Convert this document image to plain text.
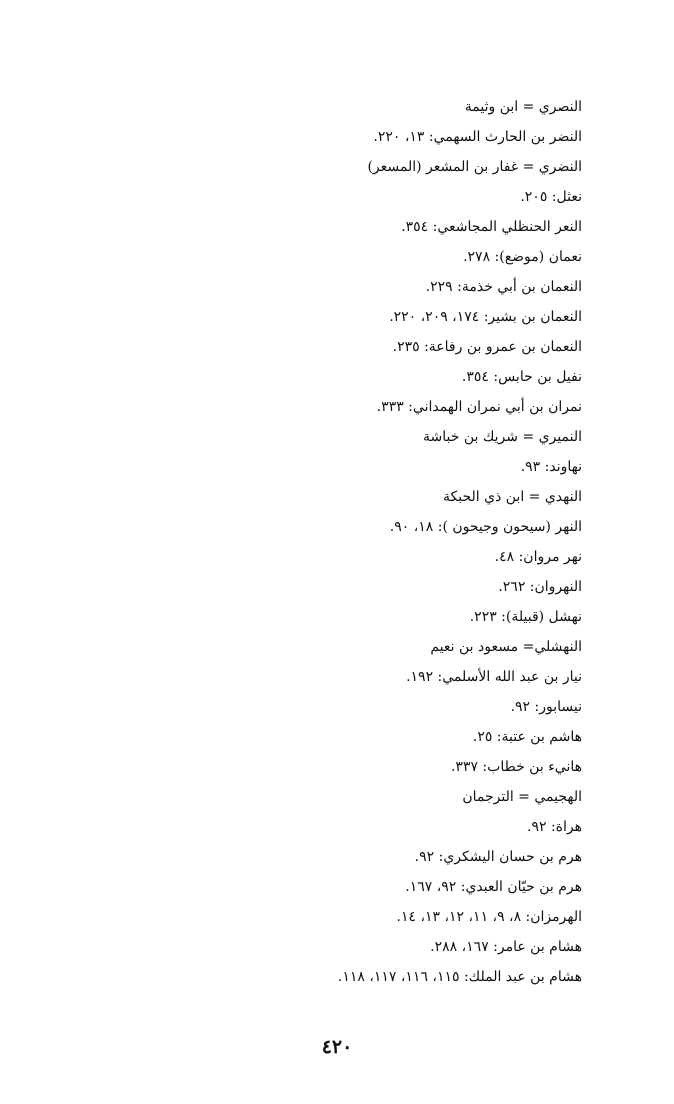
النصري = ابن وثيمة
النضر بن الحارث السهمي: ١٣، ٢٢٠.
النضري = غفار بن المشعر (المسعر)
نعثل: ٢٠٥.
النعر الحنظلي المجاشعي: ٣٥٤.
نعمان (موضع): ٢٧٨.
النعمان بن أبي خذمة: ٢٢٩.
النعمان بن بشير: ١٧٤، ٢٠٩، ٢٢٠.
النعمان بن عمرو بن رفاعة: ٢٣٥.
نفيل بن حابس: ٣٥٤.
نمران بن أبي نمران الهمداني: ٣٣٣.
النميري = شريك بن خباشة
نهاوند: ٩٣.
النهدي = ابن ذي الحبكة
النهر (سيحون وجيحون ): ١٨، ٩٠.
نهر مروان: ٤٨.
النهروان: ٢٦٢.
نهشل (قبيلة): ٢٢٣.
النهشلي= مسعود بن نعيم
نيار بن عبد الله الأسلمي: ١٩٢.
نيسابور: ٩٢.
هاشم بن عتبة: ٢٥.
هانيء بن خطاب: ٣٣٧.
الهجيمي = الترجمان
هراة: ٩٢.
هرم بن حسان اليشكري: ٩٢.
هرم بن حيّان العبدي: ٩٢، ١٦٧.
الهرمزان: ٨، ٩، ١١، ١٢، ١٣، ١٤.
هشام بن عامر: ١٦٧، ٢٨٨.
هشام بن عبد الملك: ١١٥، ١١٦، ١١٧، ١١٨.
٤٢٠
